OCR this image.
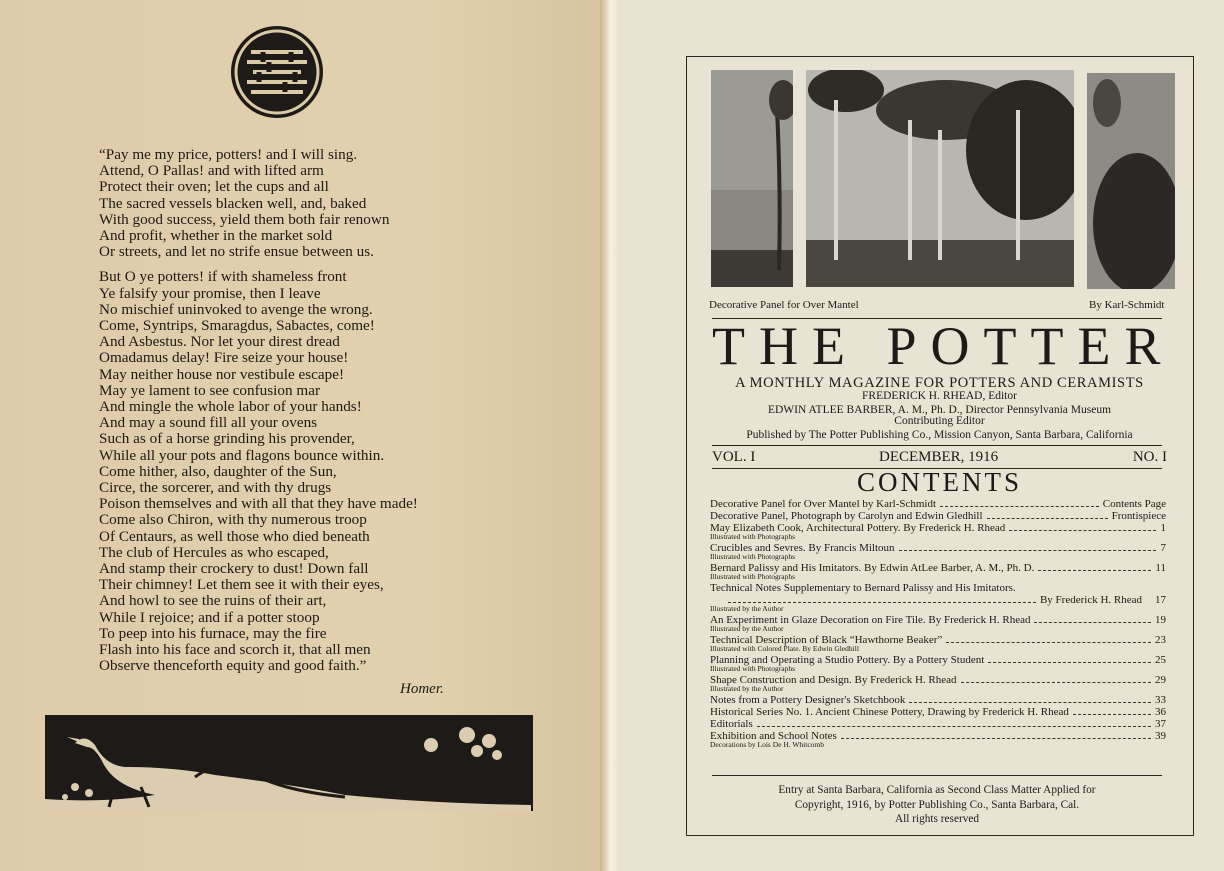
“Pay me my price, potters! and I will sing.
Attend, O Pallas! and with lifted arm
Protect their oven; let the cups and all
The sacred vessels blacken well, and, baked
With good success, yield them both fair renown
And profit, whether in the market sold
Or streets, and let no strife ensue between us.
But O ye potters! if with shameless front
Ye falsify your promise, then I leave
No mischief uninvoked to avenge the wrong.
Come, Syntrips, Smaragdus, Sabactes, come!
And Asbestus. Nor let your direst dread
Omadamus delay! Fire seize your house!
May neither house nor vestibule escape!
May ye lament to see confusion mar
And mingle the whole labor of your hands!
And may a sound fill all your ovens
Such as of a horse grinding his provender,
While all your pots and flagons bounce within.
Come hither, also, daughter of the Sun,
Circe, the sorcerer, and with thy drugs
Poison themselves and with all that they have made!
Come also Chiron, with thy numerous troop
Of Centaurs, as well those who died beneath
The club of Hercules as who escaped,
And stamp their crockery to dust! Down fall
Their chimney! Let them see it with their eyes,
And howl to see the ruins of their art,
While I rejoice; and if a potter stoop
To peep into his furnace, may the fire
Flash into his face and scorch it, that all men
Observe thenceforth equity and good faith.”
Homer.
Decorative Panel for Over Mantel	By Karl-Schmidt
THE POTTER
A MONTHLY MAGAZINE FOR POTTERS AND CERAMISTS
FREDERICK H. RHEAD, Editor
EDWIN ATLEE BARBER, A. M., Ph. D., Director Pennsylvania Museum
Contributing Editor
Published by The Potter Publishing Co., Mission Canyon, Santa Barbara, California
VOL. I	DECEMBER, 1916	NO. I
CONTENTS
Decorative Panel for Over Mantel by Karl-Schmidt	Contents Page
Decorative Panel, Photograph by Carolyn and Edwin Gledhill	Frontispiece
May Elizabeth Cook, Architectural Pottery. By Frederick H. Rhead	1
Illustrated with Photographs
Crucibles and Sevres. By Francis Miltoun	7
Illustrated with Photographs
Bernard Palissy and His Imitators. By Edwin AtLee Barber, A. M., Ph. D.	11
Illustrated with Photographs
Technical Notes Supplementary to Bernard Palissy and His Imitators.
By Frederick H. Rhead 17
Illustrated by the Author
An Experiment in Glaze Decoration on Fire Tile. By Frederick H. Rhead	19
Illustrated by the Author
Technical Description of Black “Hawthorne Beaker”	23
Illustrated with Colored Plate. By Edwin Gledhill
Planning and Operating a Studio Pottery. By a Pottery Student	25
Illustrated with Photographs
Shape Construction and Design. By Frederick H. Rhead	29
Illustrated by the Author
Notes from a Pottery Designer's Sketchbook	33
Historical Series No. 1. Ancient Chinese Pottery, Drawing by Frederick H. Rhead	36
Editorials	37
Exhibition and School Notes	39
Decorations by Lois De H. Whitcomb
Entry at Santa Barbara, California as Second Class Matter Applied for
Copyright, 1916, by Potter Publishing Co., Santa Barbara, Cal.
All rights reserved
